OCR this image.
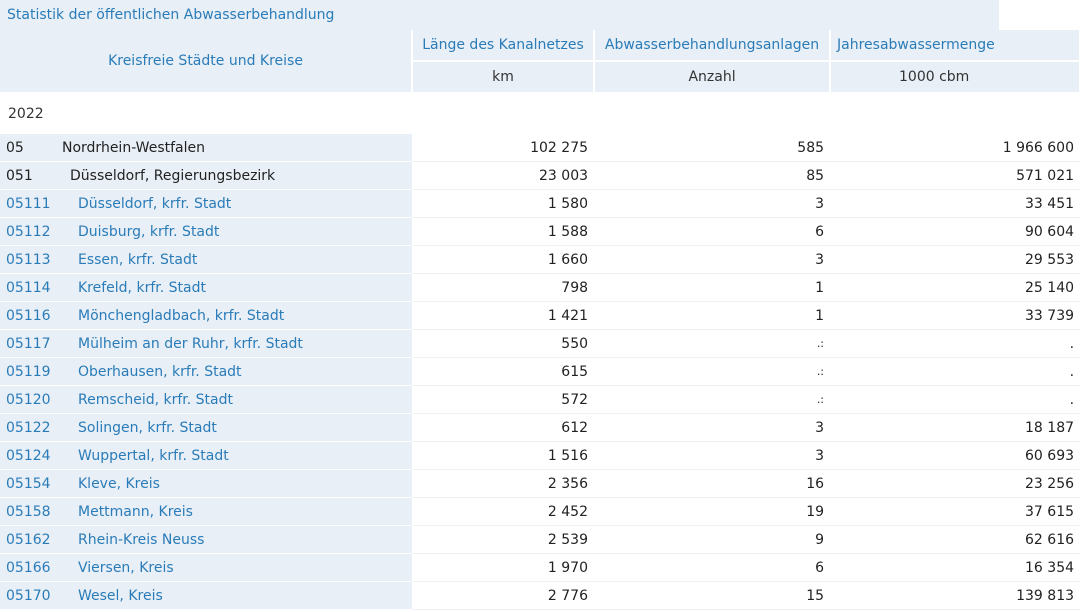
Statistik der öffentlichen Abwasserbehandlung
Kreisfreie Städte und Kreise		Länge des Kanalnetzes	Abwasserbehandlungsanlagen	Jahresabwassermenge
		km	Anzahl	1000 cbm
2022				
05	Nordrhein-Westfalen	102 275	585	1 966 600
051	Düsseldorf, Regierungsbezirk	23 003	85	571 021
05111	Düsseldorf, krfr. Stadt	1 580	3	33 451
05112	Duisburg, krfr. Stadt	1 588	6	90 604
05113	Essen, krfr. Stadt	1 660	3	29 553
05114	Krefeld, krfr. Stadt	798	1	25 140
05116	Mönchengladbach, krfr. Stadt	1 421	1	33 739
05117	Mülheim an der Ruhr, krfr. Stadt	550	.:	.
05119	Oberhausen, krfr. Stadt	615	.:	.
05120	Remscheid, krfr. Stadt	572	.:	.
05122	Solingen, krfr. Stadt	612	3	18 187
05124	Wuppertal, krfr. Stadt	1 516	3	60 693
05154	Kleve, Kreis	2 356	16	23 256
05158	Mettmann, Kreis	2 452	19	37 615
05162	Rhein-Kreis Neuss	2 539	9	62 616
05166	Viersen, Kreis	1 970	6	16 354
05170	Wesel, Kreis	2 776	15	139 813
